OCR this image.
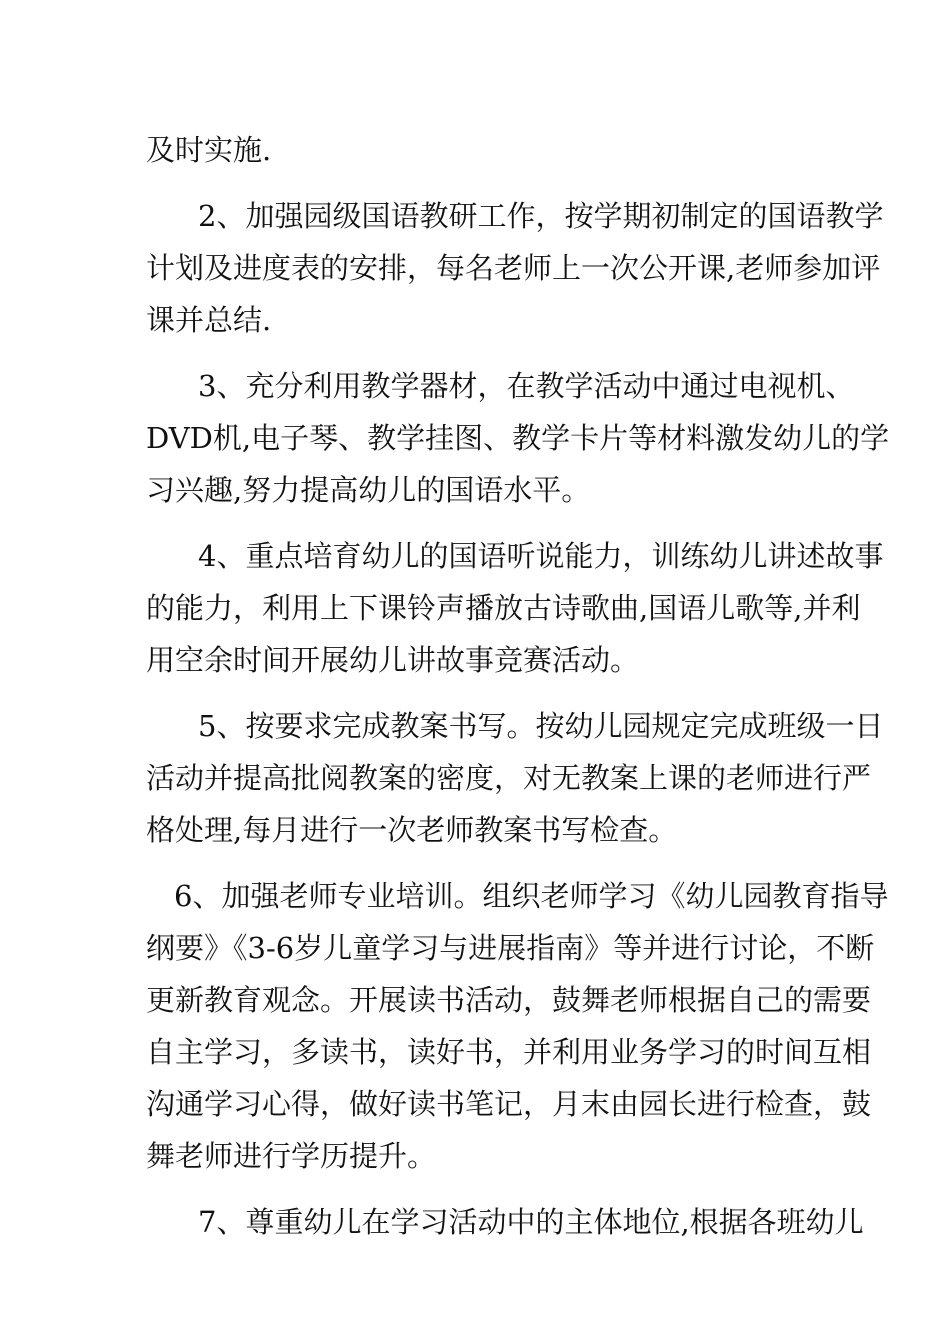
及时实施.
2、加强园级国语教研工作，按学期初制定的国语教学
计划及进度表的安排，每名老师上一次公开课,老师参加评
课并总结.
3、充分利用教学器材，在教学活动中通过电视机、
DVD机,电子琴、教学挂图、教学卡片等材料激发幼儿的学
习兴趣,努力提高幼儿的国语水平。
4、重点培育幼儿的国语听说能力，训练幼儿讲述故事
的能力，利用上下课铃声播放古诗歌曲,国语儿歌等,并利
用空余时间开展幼儿讲故事竞赛活动。
5、按要求完成教案书写。按幼儿园规定完成班级一日
活动并提高批阅教案的密度，对无教案上课的老师进行严
格处理,每月进行一次老师教案书写检查。
6、加强老师专业培训。组织老师学习《幼儿园教育指导
纲要》《3-6岁儿童学习与进展指南》等并进行讨论，不断
更新教育观念。开展读书活动，鼓舞老师根据自己的需要
自主学习，多读书，读好书，并利用业务学习的时间互相
沟通学习心得，做好读书笔记，月末由园长进行检查，鼓
舞老师进行学历提升。
7、尊重幼儿在学习活动中的主体地位,根据各班幼儿
